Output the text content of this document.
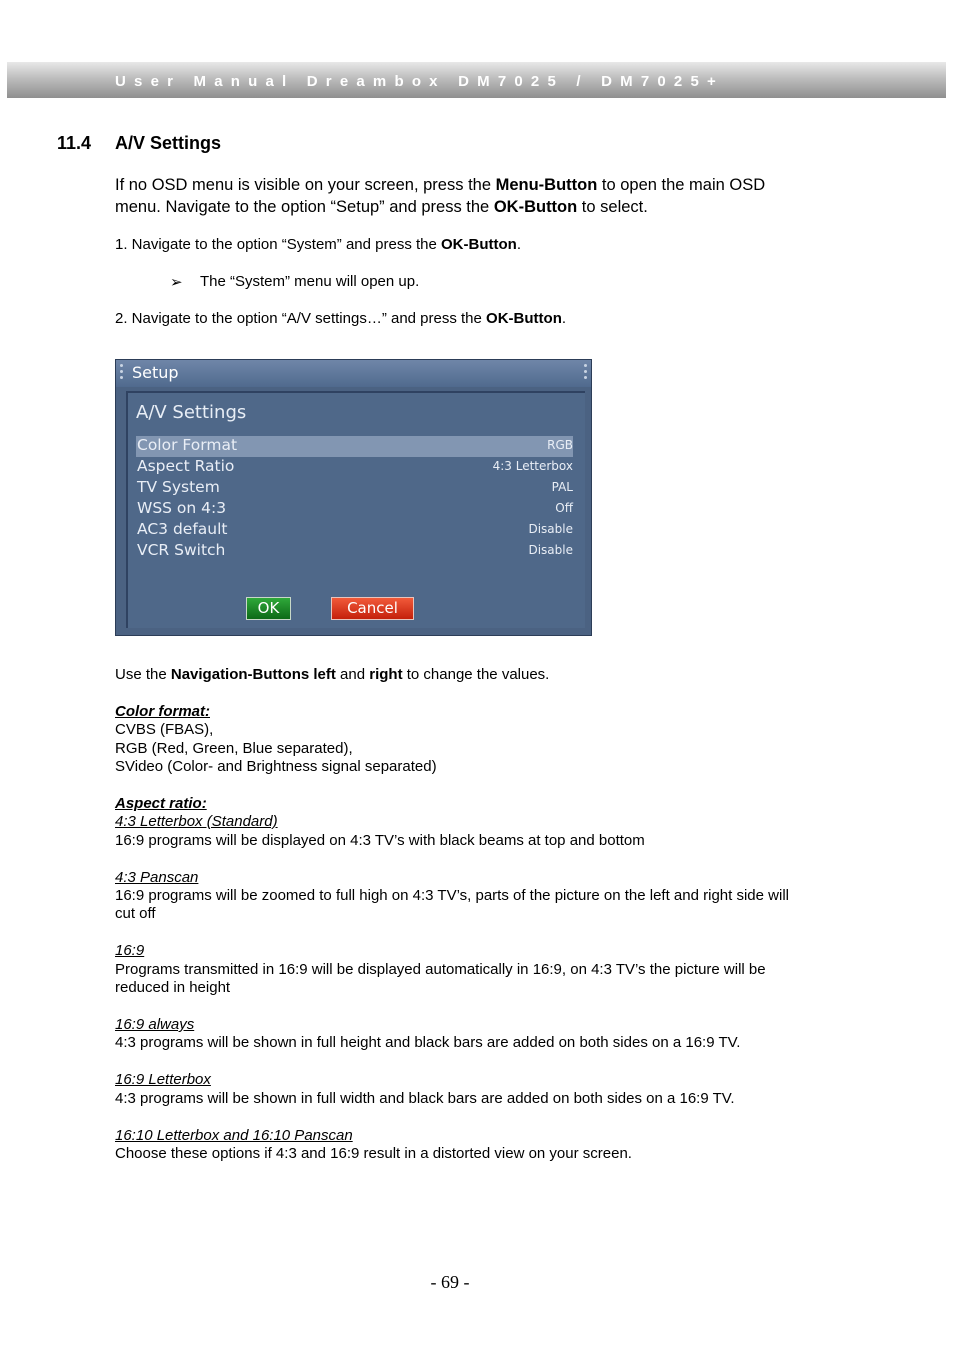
User Manual Dreambox DM7025 / DM7025+
11.4 A/V Settings
If no OSD menu is visible on your screen, press the Menu-Button to open the main OSD
menu. Navigate to the option “Setup” and press the OK-Button to select.
1. Navigate to the option “System” and press the OK-Button.
➢ The “System” menu will open up.
2. Navigate to the option “A/V settings…” and press the OK-Button.
Setup
A/V Settings
Color Format	RGB
Aspect Ratio	4:3 Letterbox
TV System	PAL
WSS on 4:3	Off
AC3 default	Disable
VCR Switch	Disable
OK	Cancel
Use the Navigation-Buttons left and right to change the values.
Color format:
CVBS (FBAS),
RGB (Red, Green, Blue separated),
SVideo (Color- and Brightness signal separated)
Aspect ratio:
4:3 Letterbox (Standard)
16:9 programs will be displayed on 4:3 TV’s with black beams at top and bottom
4:3 Panscan
16:9 programs will be zoomed to full high on 4:3 TV’s, parts of the picture on the left and right side will
cut off
16:9
Programs transmitted in 16:9 will be displayed automatically in 16:9, on 4:3 TV’s the picture will be
reduced in height
16:9 always
4:3 programs will be shown in full height and black bars are added on both sides on a 16:9 TV.
16:9 Letterbox
4:3 programs will be shown in full width and black bars are added on both sides on a 16:9 TV.
16:10 Letterbox and 16:10 Panscan
Choose these options if 4:3 and 16:9 result in a distorted view on your screen.
- 69 -
